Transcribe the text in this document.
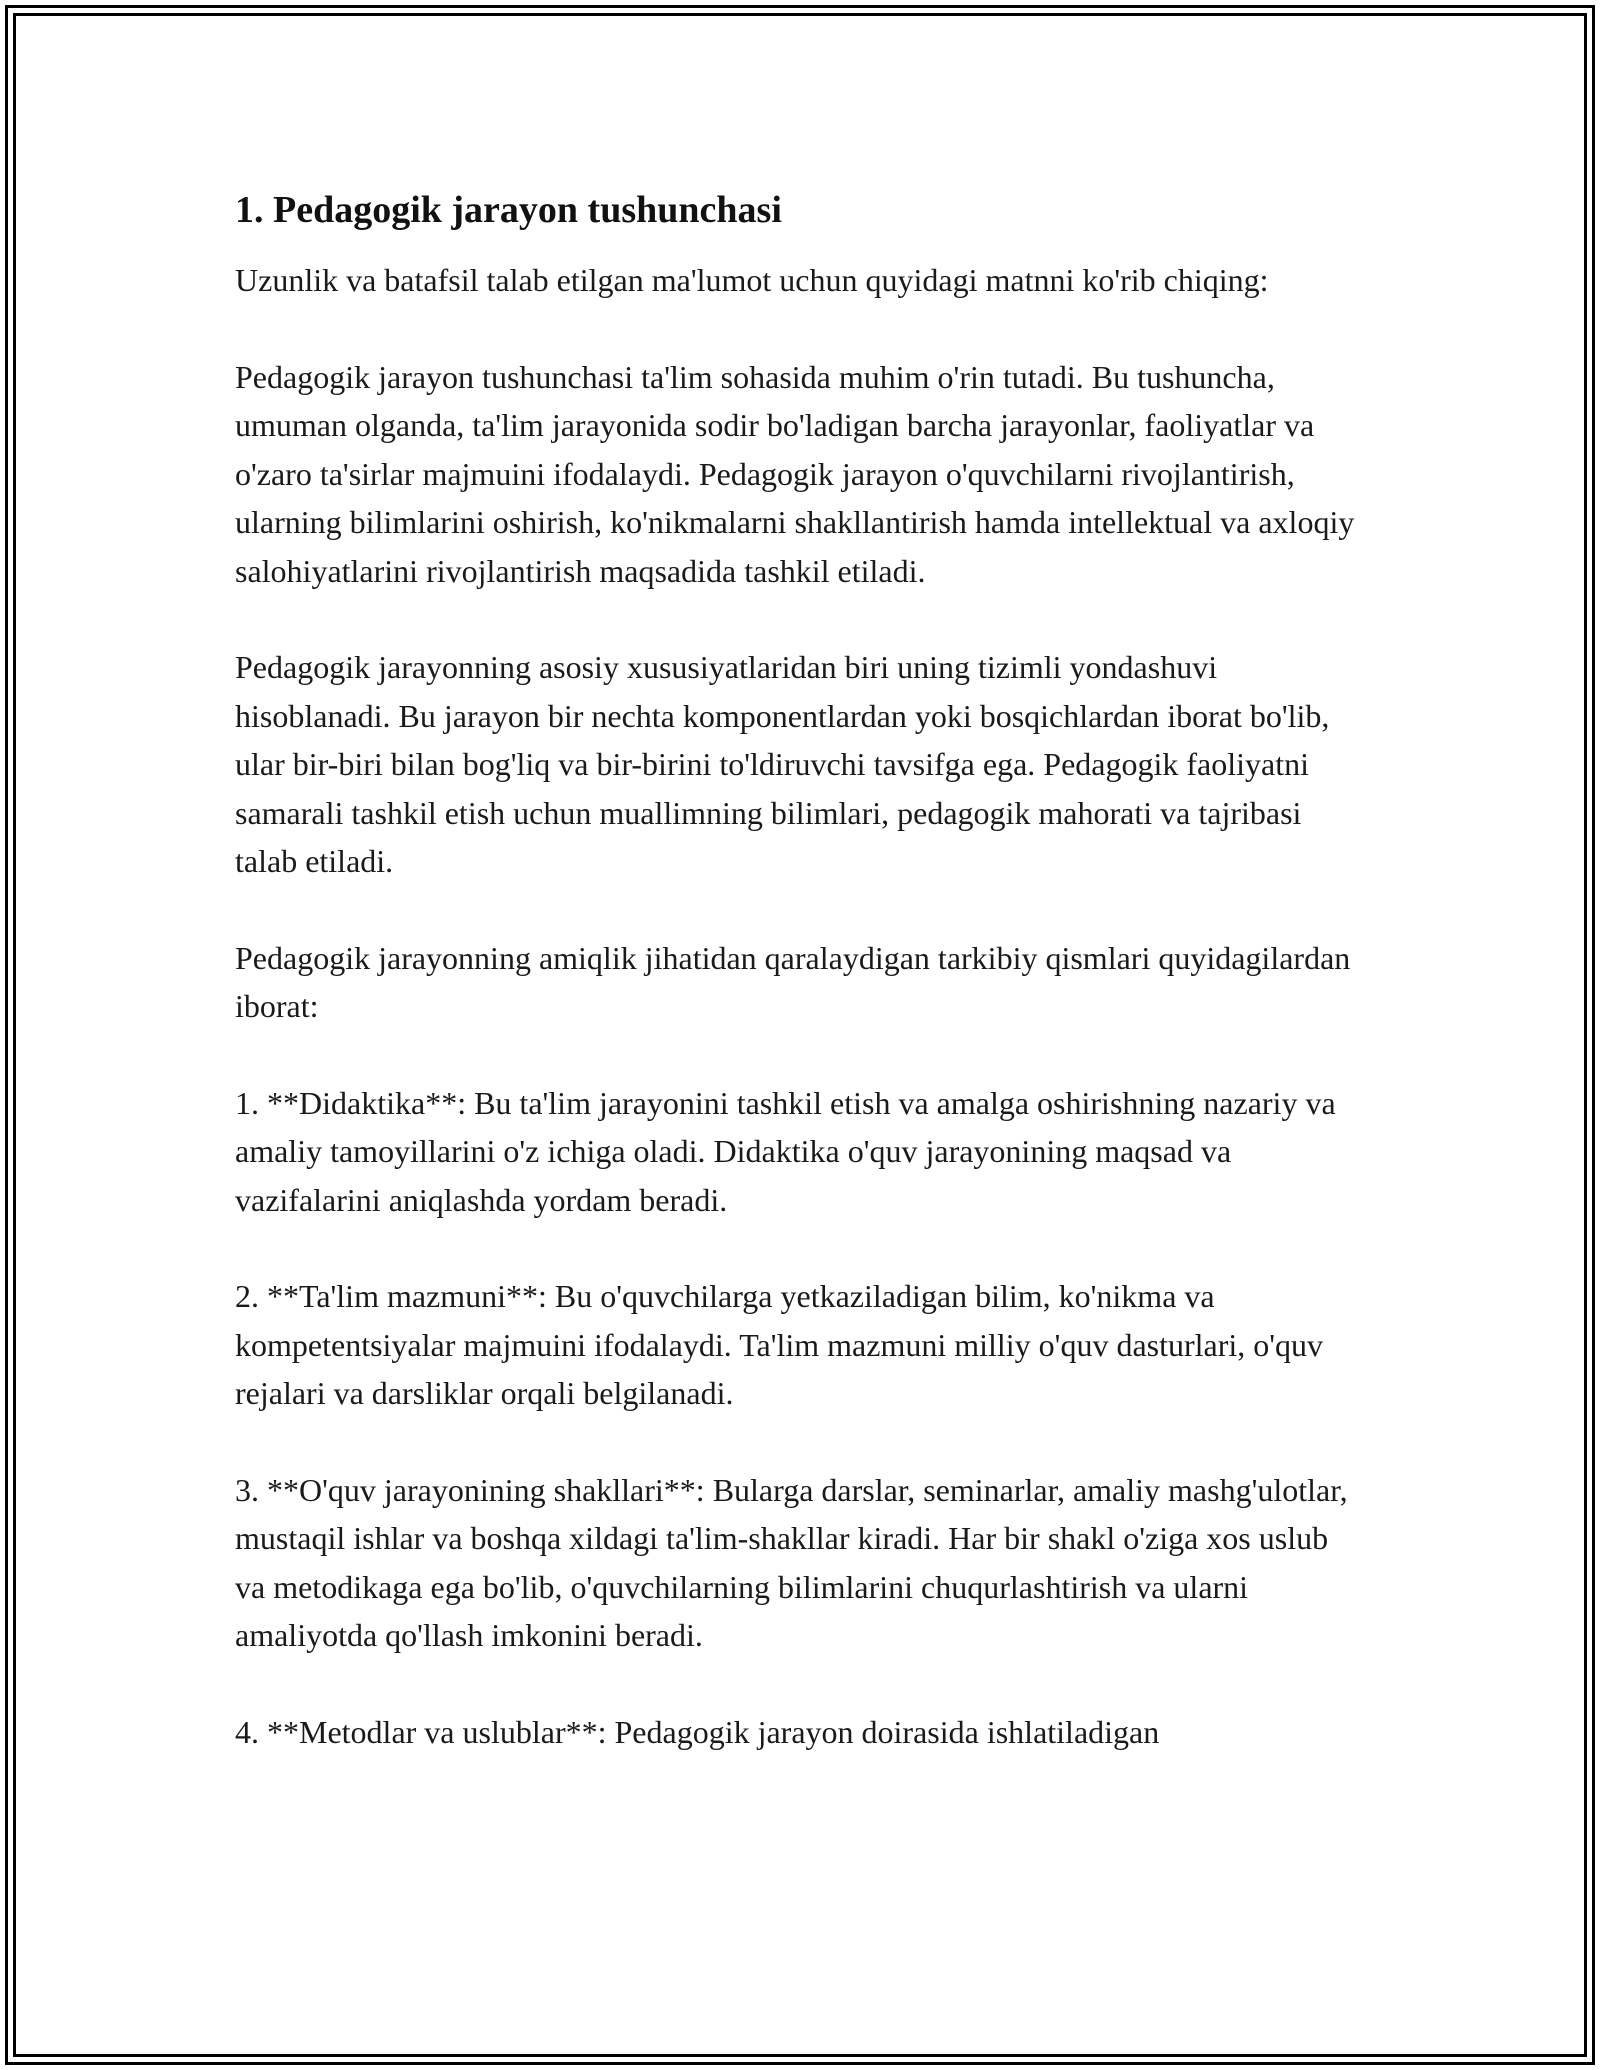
1. Pedagogik jarayon tushunchasi

Uzunlik va batafsil talab etilgan ma'lumot uchun quyidagi matnni ko'rib chiqing:

Pedagogik jarayon tushunchasi ta'lim sohasida muhim o'rin tutadi. Bu tushuncha, umuman olganda, ta'lim jarayonida sodir bo'ladigan barcha jarayonlar, faoliyatlar va o'zaro ta'sirlar majmuini ifodalaydi. Pedagogik jarayon o'quvchilarni rivojlantirish, ularning bilimlarini oshirish, ko'nikmalarni shakllantirish hamda intellektual va axloqiy salohiyatlarini rivojlantirish maqsadida tashkil etiladi.

Pedagogik jarayonning asosiy xususiyatlaridan biri uning tizimli yondashuvi hisoblanadi. Bu jarayon bir nechta komponentlardan yoki bosqichlardan iborat bo'lib, ular bir-biri bilan bog'liq va bir-birini to'ldiruvchi tavsifga ega. Pedagogik faoliyatni samarali tashkil etish uchun muallimning bilimlari, pedagogik mahorati va tajribasi talab etiladi.

Pedagogik jarayonning amiqlik jihatidan qaralaydigan tarkibiy qismlari quyidagilardan iborat:

1. **Didaktika**: Bu ta'lim jarayonini tashkil etish va amalga oshirishning nazariy va amaliy tamoyillarini o'z ichiga oladi. Didaktika o'quv jarayonining maqsad va vazifalarini aniqlashda yordam beradi.

2. **Ta'lim mazmuni**: Bu o'quvchilarga yetkaziladigan bilim, ko'nikma va kompetentsiyalar majmuini ifodalaydi. Ta'lim mazmuni milliy o'quv dasturlari, o'quv rejalari va darsliklar orqali belgilanadi.

3. **O'quv jarayonining shakllari**: Bularga darslar, seminarlar, amaliy mashg'ulotlar, mustaqil ishlar va boshqa xildagi ta'lim-shakllar kiradi. Har bir shakl o'ziga xos uslub va metodikaga ega bo'lib, o'quvchilarning bilimlarini chuqurlashtirish va ularni amaliyotda qo'llash imkonini beradi.

4. **Metodlar va uslublar**: Pedagogik jarayon doirasida ishlatiladigan
